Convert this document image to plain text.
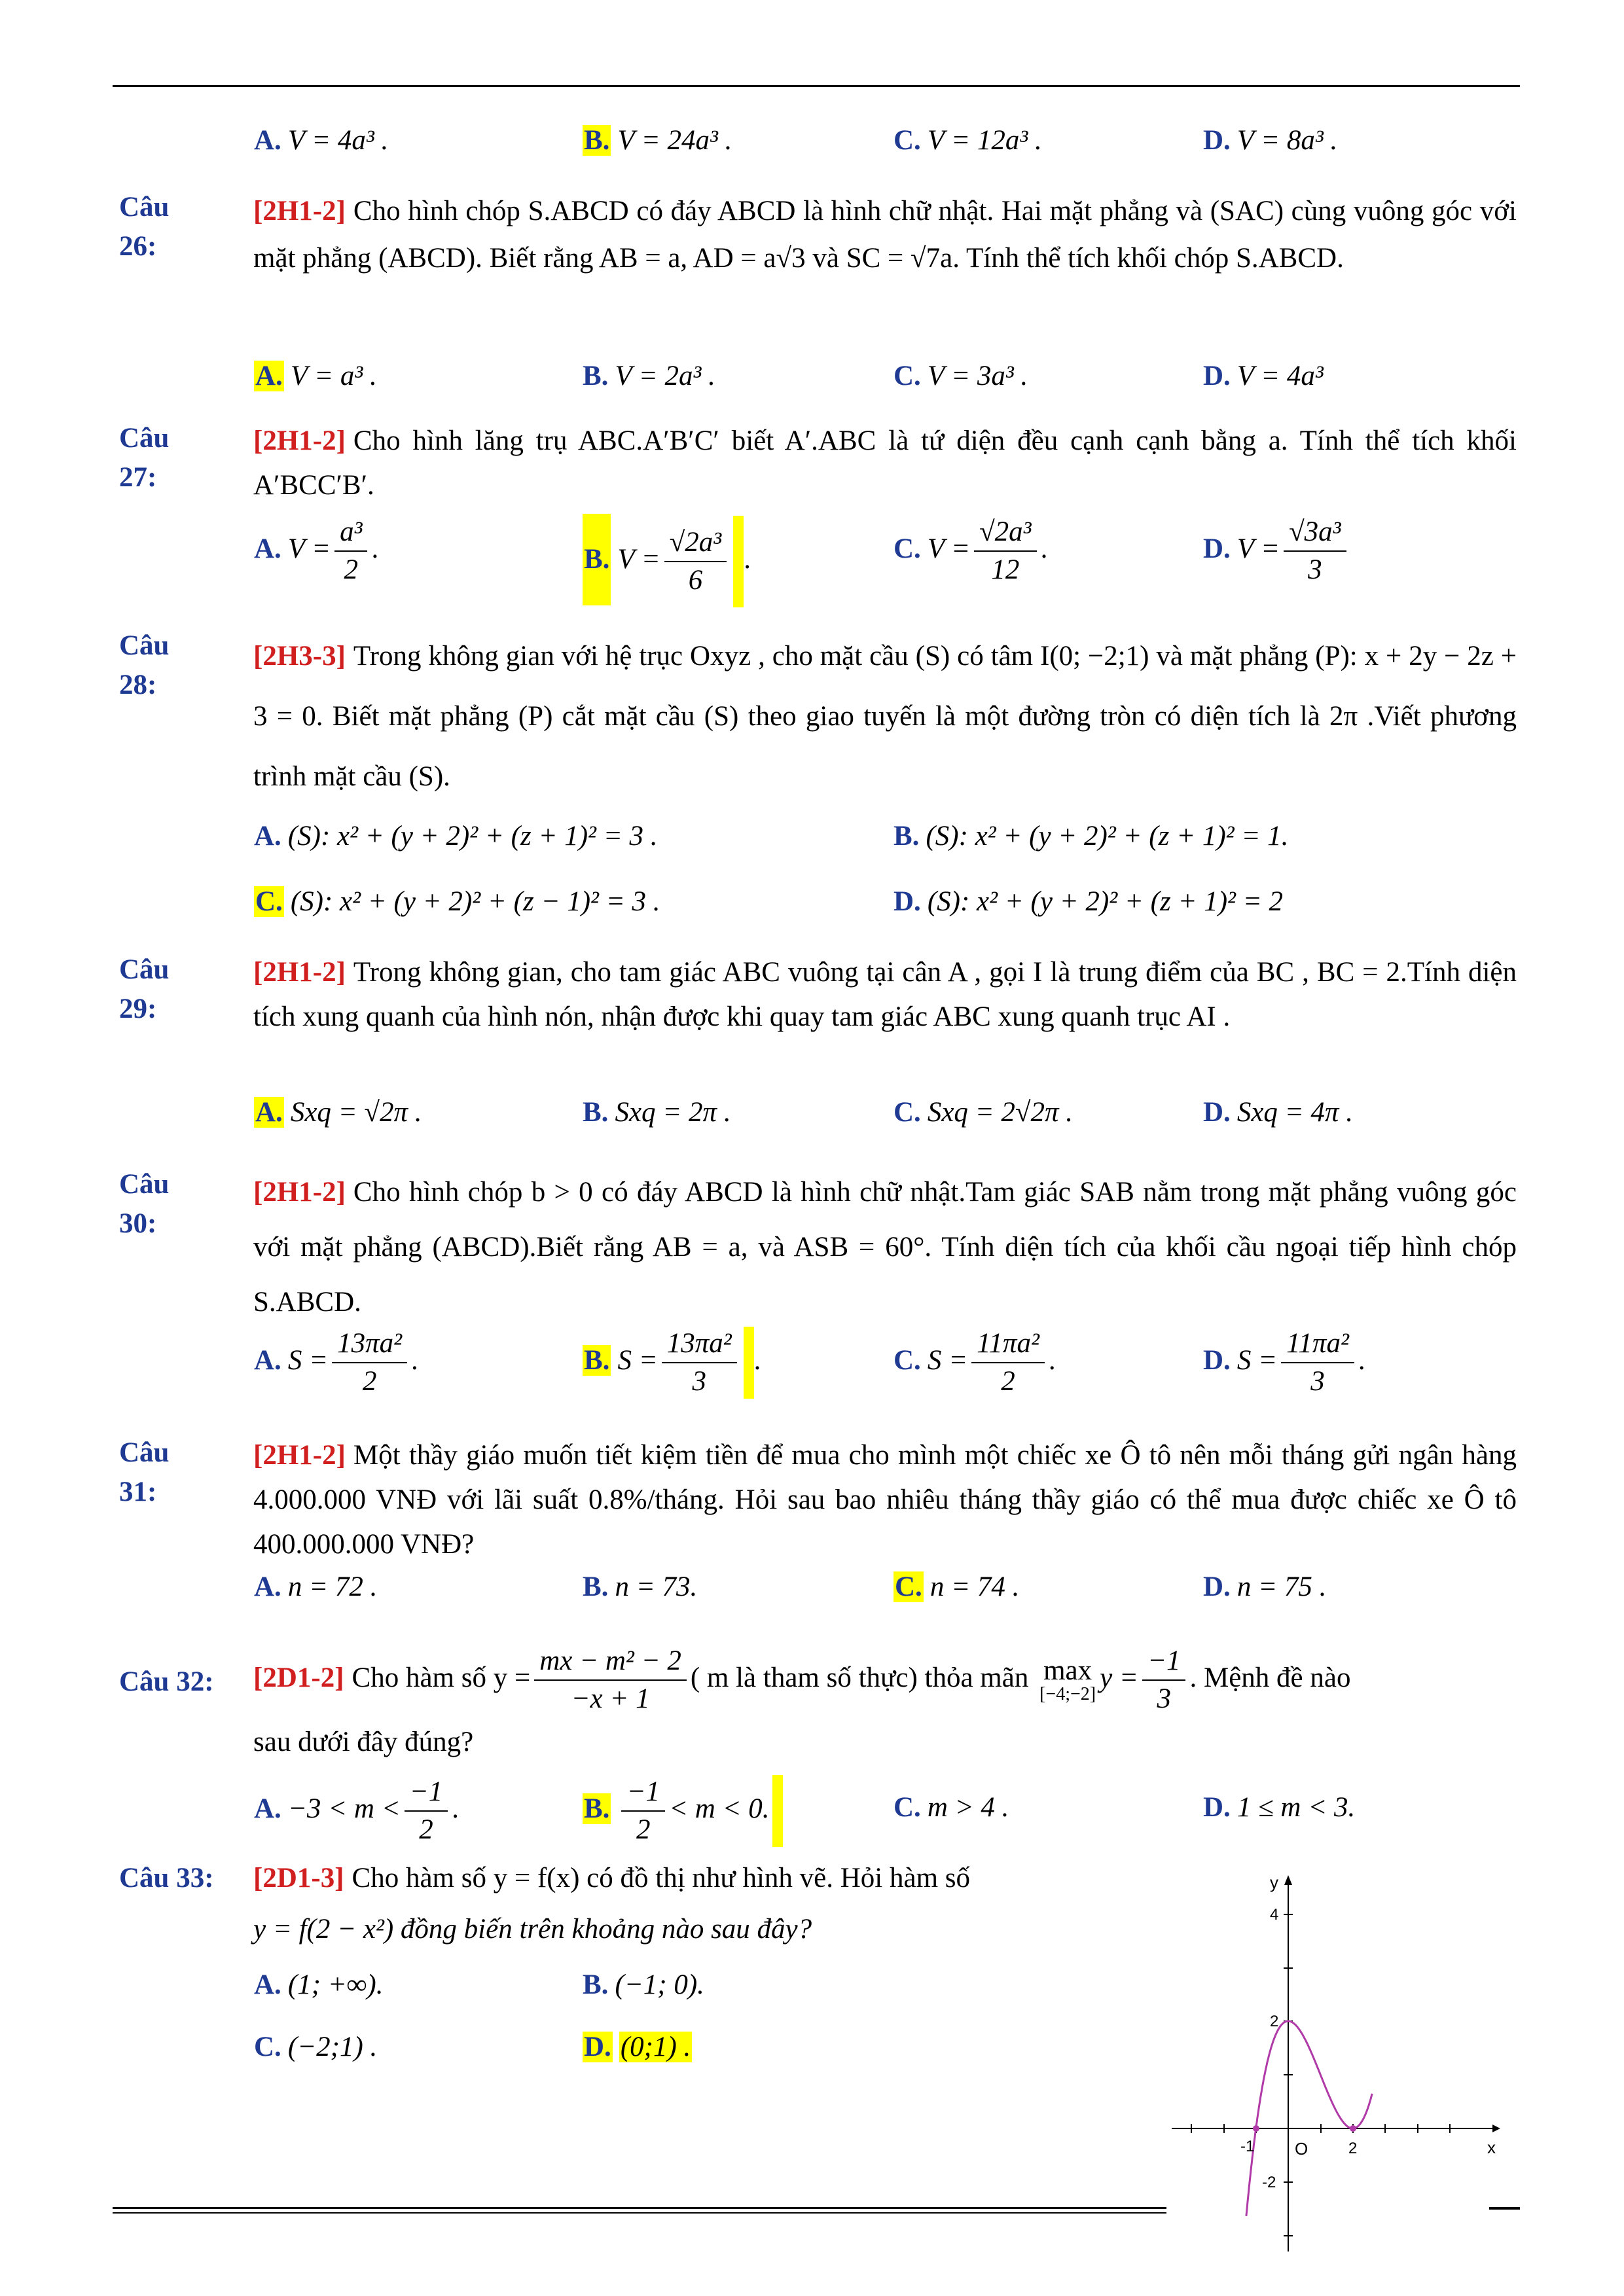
A. V = 4a³ .	B. V = 24a³ .	C. V = 12a³ .	D. V = 8a³ .
Câu 26:
[2H1-2] Cho hình chóp S.ABCD có đáy ABCD là hình chữ nhật. Hai mặt phẳng và (SAC) cùng vuông góc với mặt phẳng (ABCD). Biết rằng AB = a, AD = a√3 và SC = √7a. Tính thể tích khối chóp S.ABCD.
A. V = a³ .	B. V = 2a³ .	C. V = 3a³ .	D. V = 4a³
Câu 27:
[2H1-2] Cho hình lăng trụ ABC.A′B′C′ biết A′.ABC là tứ diện đều cạnh cạnh bằng a. Tính thể tích khối A′BCC′B′.
A. $V = \frac{\text{a³}}{2}$ .	B. $V = \frac{\text{√2a³}}{6}$ .	C. $V = \frac{\text{√2a³}}{12}$ .	D. $V = \frac{\text{√3a³}}{3}$
Câu 28:
[2H3-3] Trong không gian với hệ trục Oxyz , cho mặt cầu (S) có tâm I(0; −2;1) và mặt phẳng (P): x + 2y − 2z + 3 = 0. Biết mặt phẳng (P) cắt mặt cầu (S) theo giao tuyến là một đường tròn có diện tích là 2π .Viết phương trình mặt cầu (S).
A. (S): x² + (y + 2)² + (z + 1)² = 3 .	B. (S): x² + (y + 2)² + (z + 1)² = 1.
C. (S): x² + (y + 2)² + (z − 1)² = 3 .	D. (S): x² + (y + 2)² + (z + 1)² = 2
Câu 29:
[2H1-2] Trong không gian, cho tam giác ABC vuông tại cân A , gọi I là trung điểm của BC , BC = 2.Tính diện tích xung quanh của hình nón, nhận được khi quay tam giác ABC xung quanh trục AI .
A. Sxq = √2π .	B. Sxq = 2π .	C. Sxq = 2√2π .	D. Sxq = 4π .
Câu 30:
[2H1-2] Cho hình chóp b > 0 có đáy ABCD là hình chữ nhật.Tam giác SAB nằm trong mặt phẳng vuông góc với mặt phẳng (ABCD).Biết rằng AB = a, và ASB = 60°. Tính diện tích của khối cầu ngoại tiếp hình chóp S.ABCD.
A. $S = \frac{\text{13πa²}}{2}$ .	B. $S = \frac{\text{13πa²}}{3}$ .	C. $S = \frac{\text{11πa²}}{2}$ .	D. $S = \frac{\text{11πa²}}{3}$ .
Câu 31:
[2H1-2] Một thầy giáo muốn tiết kiệm tiền để mua cho mình một chiếc xe Ô tô nên mỗi tháng gửi ngân hàng 4.000.000 VNĐ với lãi suất 0.8%/tháng. Hỏi sau bao nhiêu tháng thầy giáo có thể mua được chiếc xe Ô tô 400.000.000 VNĐ?
A. n = 72 .	B. n = 73.	C. n = 74 .	D. n = 75 .
Câu 32: [2D1-2] Cho hàm số $y = \frac{\text{mx − m² − 2}}{-x + 1}$ ( m là tham số thực) thỏa mãn max
[−4;−2]
$y = \frac{-1}{3}$ . Mệnh đề nào
sau dưới đây đúng?
A. $-3 < m < \frac{-1}{2}$ .	B. $\frac{-1}{2} < m < 0$.	C. m > 4 .	D. 1 ≤ m < 3.
Câu 33: [2D1-3] Cho hàm số y = f(x) có đồ thị như hình vẽ. Hỏi hàm số
y = f(2 − x²) đồng biến trên khoảng nào sau đây?
A. (1; +∞).	B. (−1; 0).
C. (−2;1) .	D. (0;1) .
x
y
O
-1	2
4
2
-2
